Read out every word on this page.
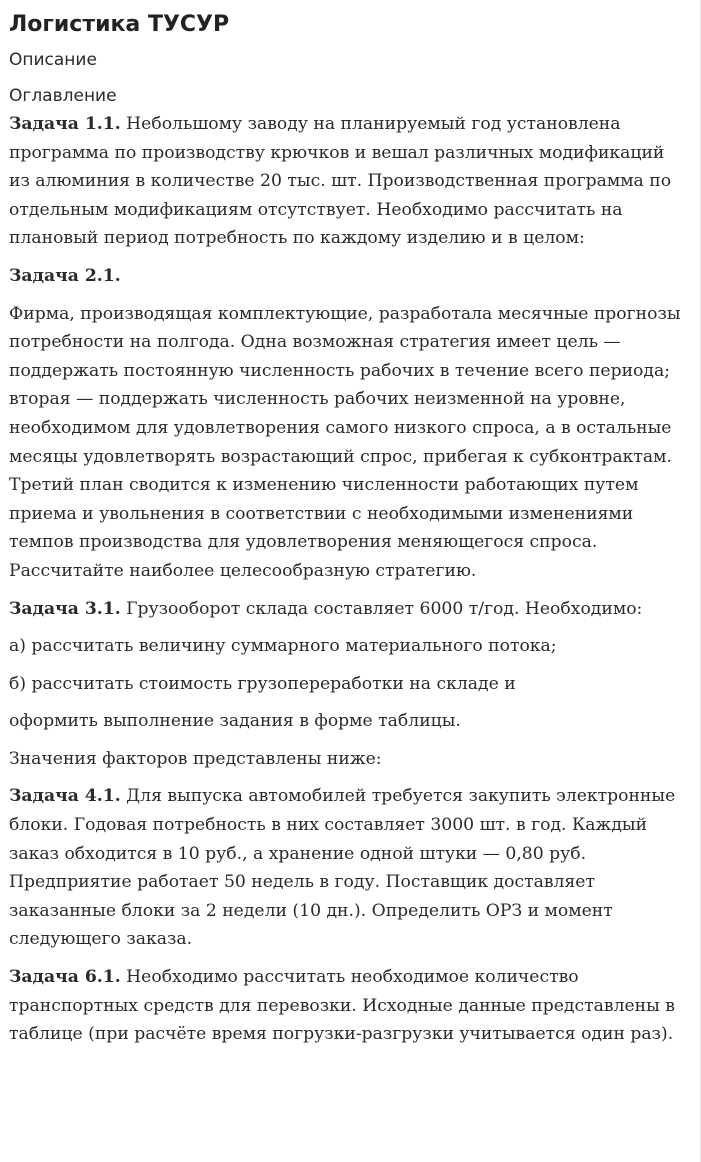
Логистика ТУСУР
Описание
Оглавление

Задача 1.1. Небольшому заводу на планируемый год установлена программа по производству крючков и вешал различных модификаций из алюминия в количестве 20 тыс. шт. Производственная программа по отдельным модификациям отсутствует. Необходимо рассчитать на плановый период потребность по каждому изделию и в целом:

Задача 2.1.

Фирма, производящая комплектующие, разработала месячные прогнозы потребности на полгода. Одна возможная стратегия имеет цель — поддержать постоянную численность рабочих в течение всего периода; вторая — поддержать численность рабочих неизменной на уровне, необходимом для удовлетворения самого низкого спроса, а в остальные месяцы удовлетворять возрастающий спрос, прибегая к субконтрактам. Третий план сводится к изменению численности работающих путем приема и увольнения в соответствии с необходимыми изменениями темпов производства для удовлетворения меняющегося спроса. Рассчитайте наиболее целесообразную стратегию.

Задача 3.1. Грузооборот склада составляет 6000 т/год. Необходимо:

а) рассчитать величину суммарного материального потока;

б) рассчитать стоимость грузопереработки на складе и

оформить выполнение задания в форме таблицы.

Значения факторов представлены ниже:

Задача 4.1. Для выпуска автомобилей требуется закупить электронные блоки. Годовая потребность в них составляет 3000 шт. в год. Каждый заказ обходится в 10 руб., а хранение одной штуки — 0,80 руб. Предприятие работает 50 недель в году. Поставщик доставляет заказанные блоки за 2 недели (10 дн.). Определить ОРЗ и момент следующего заказа.

Задача 6.1. Необходимо рассчитать необходимое количество транспортных средств для перевозки. Исходные данные представлены в таблице (при расчёте время погрузки-разгрузки учитывается один раз).
